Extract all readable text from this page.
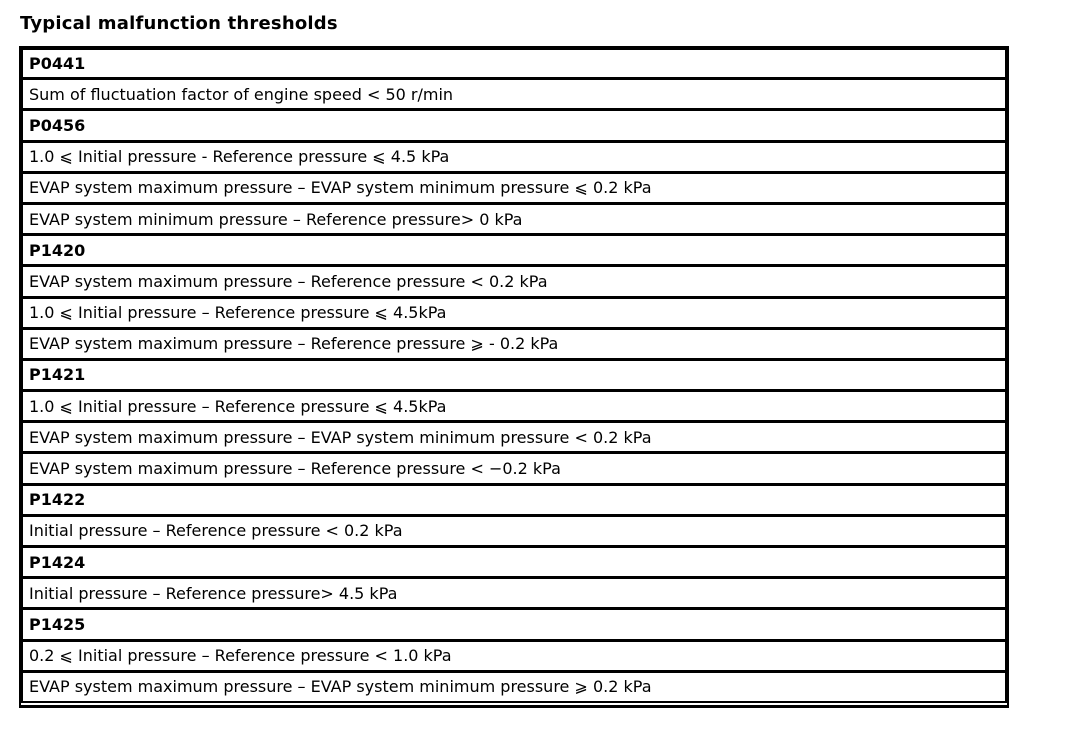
Typical malfunction thresholds
P0441
Sum of fluctuation factor of engine speed < 50 r/min
P0456
1.0 ⩽ Initial pressure - Reference pressure ⩽ 4.5 kPa
EVAP system maximum pressure – EVAP system minimum pressure ⩽ 0.2 kPa
EVAP system minimum pressure – Reference pressure> 0 kPa
P1420
EVAP system maximum pressure – Reference pressure < 0.2 kPa
1.0 ⩽ Initial pressure – Reference pressure ⩽ 4.5kPa
EVAP system maximum pressure – Reference pressure ⩾ - 0.2 kPa
P1421
1.0 ⩽ Initial pressure – Reference pressure ⩽ 4.5kPa
EVAP system maximum pressure – EVAP system minimum pressure < 0.2 kPa
EVAP system maximum pressure – Reference pressure < −0.2 kPa
P1422
Initial pressure – Reference pressure < 0.2 kPa
P1424
Initial pressure – Reference pressure> 4.5 kPa
P1425
0.2 ⩽ Initial pressure – Reference pressure < 1.0 kPa
EVAP system maximum pressure – EVAP system minimum pressure ⩾ 0.2 kPa
